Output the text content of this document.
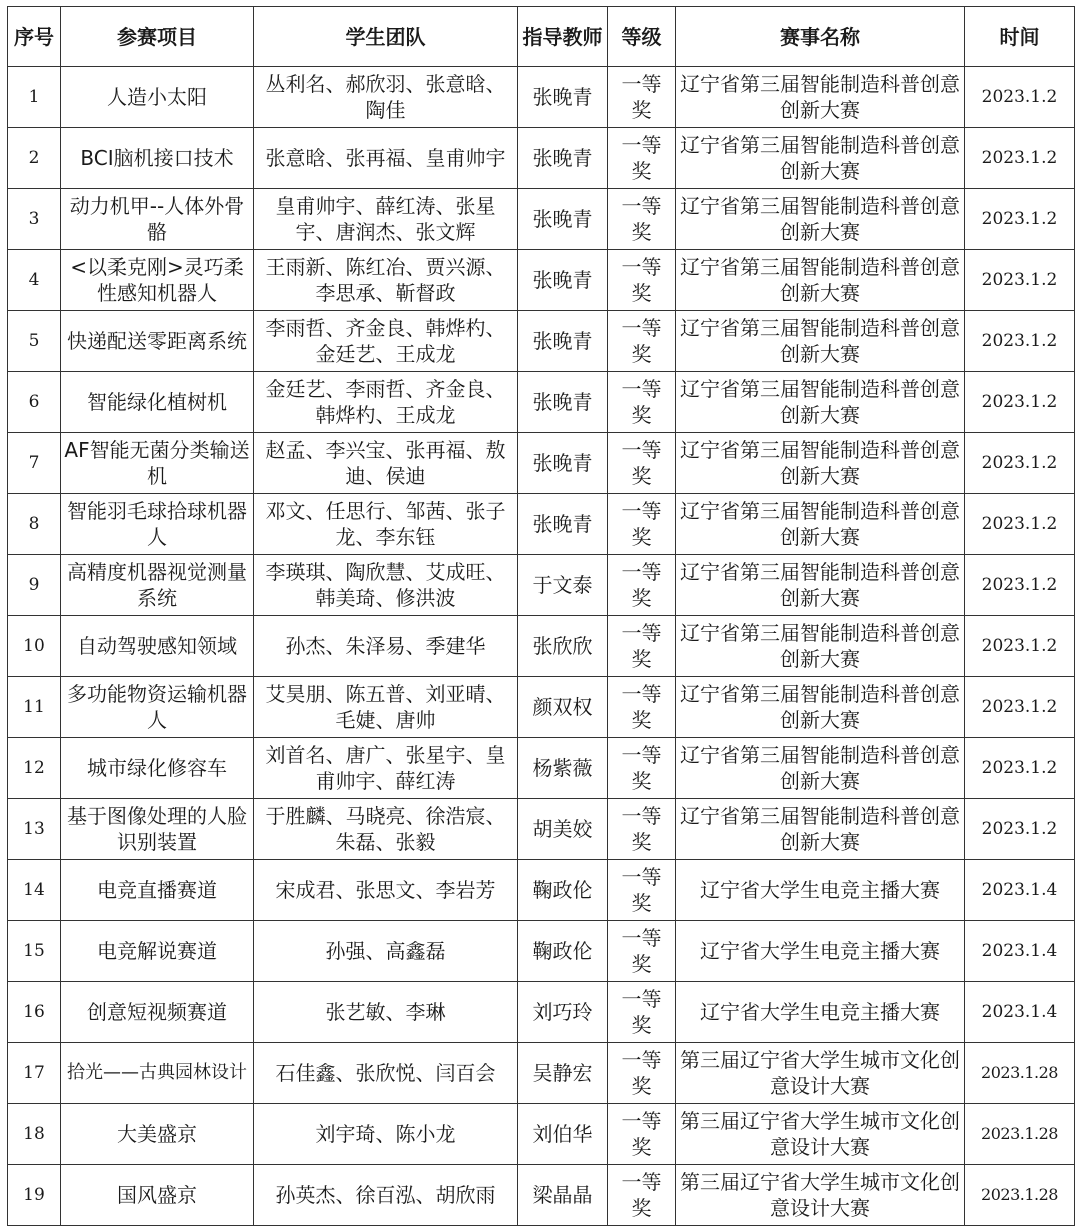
序号	参赛项目	学生团队	指导教师	等级	赛事名称	时间
1	人造小太阳	丛利名、郝欣羽、张意晗、陶佳	张晚青	一等奖	辽宁省第三届智能制造科普创意创新大赛	2023.1.2
2	BCI脑机接口技术	张意晗、张再福、皇甫帅宇	张晚青	一等奖	辽宁省第三届智能制造科普创意创新大赛	2023.1.2
3	动力机甲--人体外骨骼	皇甫帅宇、薛红涛、张星宇、唐润杰、张文辉	张晚青	一等奖	辽宁省第三届智能制造科普创意创新大赛	2023.1.2
4	<以柔克刚>灵巧柔性感知机器人	王雨新、陈红冶、贾兴源、李思承、靳督政	张晚青	一等奖	辽宁省第三届智能制造科普创意创新大赛	2023.1.2
5	快递配送零距离系统	李雨哲、齐金良、韩烨杓、金廷艺、王成龙	张晚青	一等奖	辽宁省第三届智能制造科普创意创新大赛	2023.1.2
6	智能绿化植树机	金廷艺、李雨哲、齐金良、韩烨杓、王成龙	张晚青	一等奖	辽宁省第三届智能制造科普创意创新大赛	2023.1.2
7	AF智能无菌分类输送机	赵孟、李兴宝、张再福、敖迪、侯迪	张晚青	一等奖	辽宁省第三届智能制造科普创意创新大赛	2023.1.2
8	智能羽毛球拾球机器人	邓文、任思行、邹茜、张子龙、李东钰	张晚青	一等奖	辽宁省第三届智能制造科普创意创新大赛	2023.1.2
9	高精度机器视觉测量系统	李瑛琪、陶欣慧、艾成旺、韩美琦、修洪波	于文泰	一等奖	辽宁省第三届智能制造科普创意创新大赛	2023.1.2
10	自动驾驶感知领域	孙杰、朱泽易、季建华	张欣欣	一等奖	辽宁省第三届智能制造科普创意创新大赛	2023.1.2
11	多功能物资运输机器人	艾昊朋、陈五普、刘亚晴、毛婕、唐帅	颜双权	一等奖	辽宁省第三届智能制造科普创意创新大赛	2023.1.2
12	城市绿化修容车	刘首名、唐广、张星宇、皇甫帅宇、薛红涛	杨紫薇	一等奖	辽宁省第三届智能制造科普创意创新大赛	2023.1.2
13	基于图像处理的人脸识别装置	于胜麟、马晓亮、徐浩宸、朱磊、张毅	胡美姣	一等奖	辽宁省第三届智能制造科普创意创新大赛	2023.1.2
14	电竞直播赛道	宋成君、张思文、李岩芳	鞠政伦	一等奖	辽宁省大学生电竞主播大赛	2023.1.4
15	电竞解说赛道	孙强、高鑫磊	鞠政伦	一等奖	辽宁省大学生电竞主播大赛	2023.1.4
16	创意短视频赛道	张艺敏、李琳	刘巧玲	一等奖	辽宁省大学生电竞主播大赛	2023.1.4
17	拾光——古典园林设计	石佳鑫、张欣悦、闫百会	吴静宏	一等奖	第三届辽宁省大学生城市文化创意设计大赛	2023.1.28
18	大美盛京	刘宇琦、陈小龙	刘伯华	一等奖	第三届辽宁省大学生城市文化创意设计大赛	2023.1.28
19	国风盛京	孙英杰、徐百泓、胡欣雨	梁晶晶	一等奖	第三届辽宁省大学生城市文化创意设计大赛	2023.1.28
